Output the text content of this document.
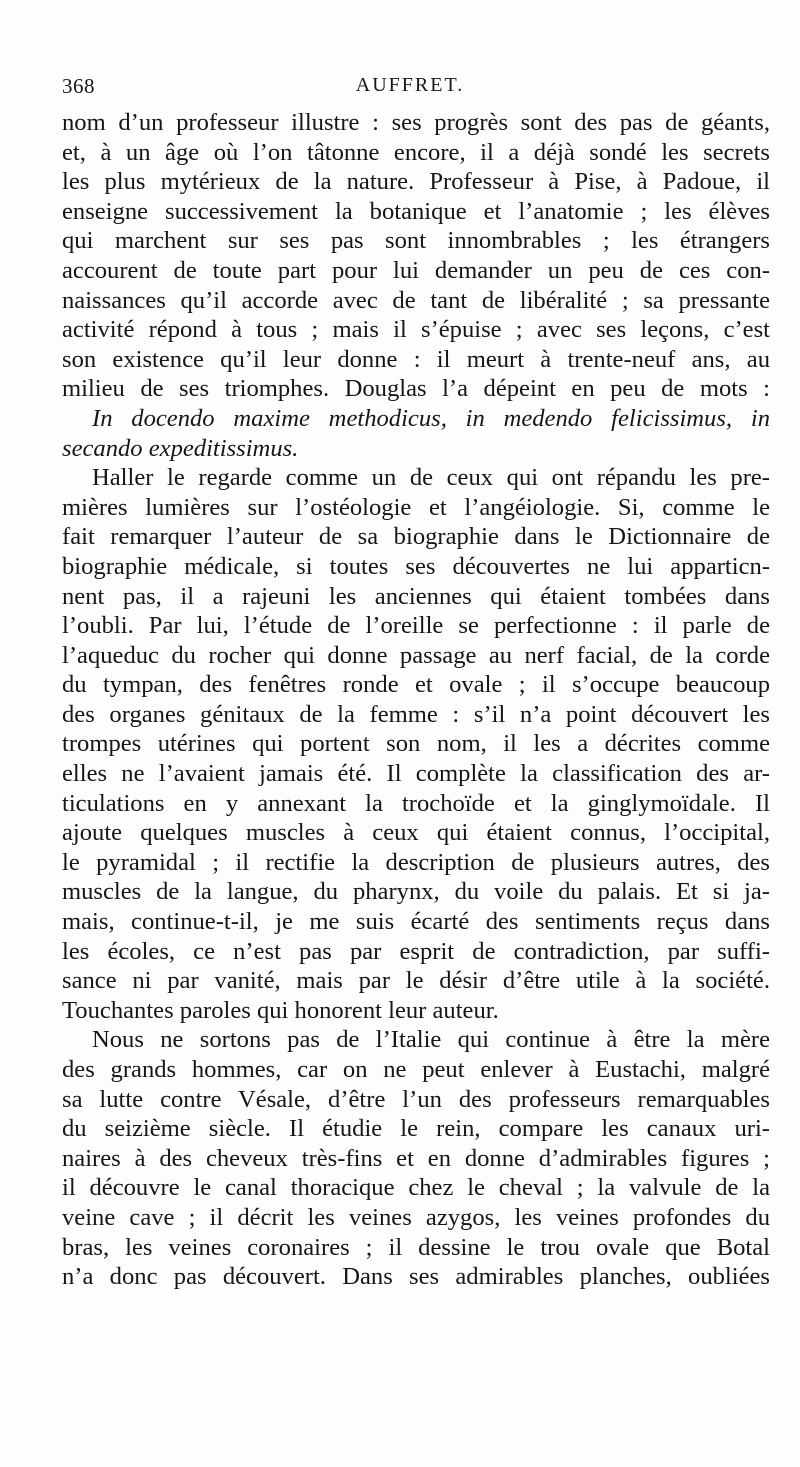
368	AUFFRET.
nom d’un professeur illustre : ses progrès sont des pas de géants,
et, à un âge où l’on tâtonne encore, il a déjà sondé les secrets
les plus mytérieux de la nature. Professeur à Pise, à Padoue, il
enseigne successivement la botanique et l’anatomie ; les élèves
qui marchent sur ses pas sont innombrables ; les étrangers
accourent de toute part pour lui demander un peu de ces con-
naissances qu’il accorde avec de tant de libéralité ; sa pressante
activité répond à tous ; mais il s’épuise ; avec ses leçons, c’est
son existence qu’il leur donne : il meurt à trente-neuf ans, au
milieu de ses triomphes. Douglas l’a dépeint en peu de mots :
In docendo maxime methodicus, in medendo felicissimus, in
secando expeditissimus.
Haller le regarde comme un de ceux qui ont répandu les pre-
mières lumières sur l’ostéologie et l’angéiologie. Si, comme le
fait remarquer l’auteur de sa biographie dans le Dictionnaire de
biographie médicale, si toutes ses découvertes ne lui apparticn-
nent pas, il a rajeuni les anciennes qui étaient tombées dans
l’oubli. Par lui, l’étude de l’oreille se perfectionne : il parle de
l’aqueduc du rocher qui donne passage au nerf facial, de la corde
du tympan, des fenêtres ronde et ovale ; il s’occupe beaucoup
des organes génitaux de la femme : s’il n’a point découvert les
trompes utérines qui portent son nom, il les a décrites comme
elles ne l’avaient jamais été. Il complète la classification des ar-
ticulations en y annexant la trochoïde et la ginglymoïdale. Il
ajoute quelques muscles à ceux qui étaient connus, l’occipital,
le pyramidal ; il rectifie la description de plusieurs autres, des
muscles de la langue, du pharynx, du voile du palais. Et si ja-
mais, continue-t-il, je me suis écarté des sentiments reçus dans
les écoles, ce n’est pas par esprit de contradiction, par suffi-
sance ni par vanité, mais par le désir d’être utile à la société.
Touchantes paroles qui honorent leur auteur.
Nous ne sortons pas de l’Italie qui continue à être la mère
des grands hommes, car on ne peut enlever à Eustachi, malgré
sa lutte contre Vésale, d’être l’un des professeurs remarquables
du seizième siècle. Il étudie le rein, compare les canaux uri-
naires à des cheveux très-fins et en donne d’admirables figures ;
il découvre le canal thoracique chez le cheval ; la valvule de la
veine cave ; il décrit les veines azygos, les veines profondes du
bras, les veines coronaires ; il dessine le trou ovale que Botal
n’a donc pas découvert. Dans ses admirables planches, oubliées
